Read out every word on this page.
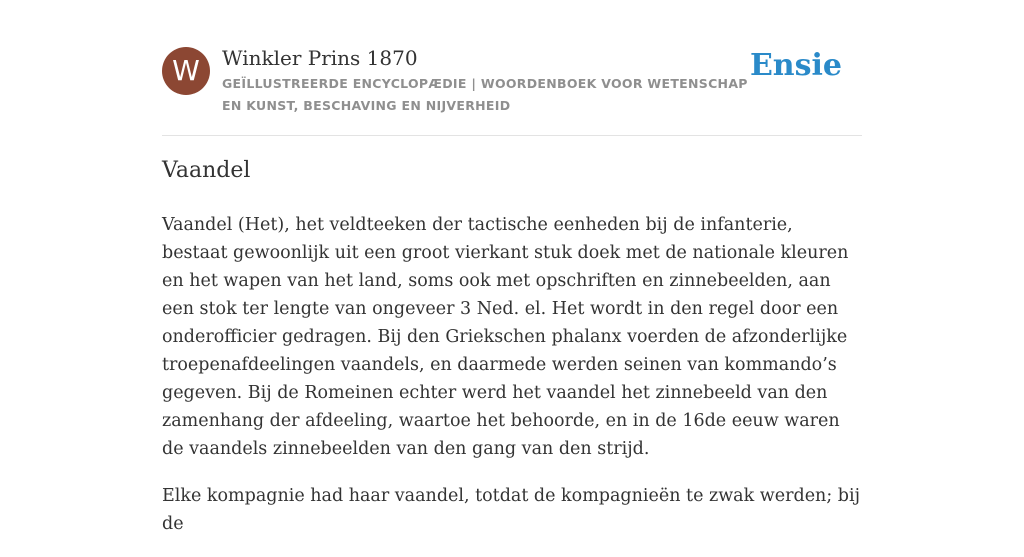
W	Winkler Prins 1870
GEÏLLUSTREERDE ENCYCLOPÆDIE | WOORDENBOEK VOOR WETENSCHAP EN KUNST, BESCHAVING EN NIJVERHEID
Ensie
Vaandel

Vaandel (Het), het veldteeken der tactische eenheden bij de infanterie, bestaat gewoonlijk uit een groot vierkant stuk doek met de nationale kleuren en het wapen van het land, soms ook met opschriften en zinnebeelden, aan een stok ter lengte van ongeveer 3 Ned. el. Het wordt in den regel door een onderofficier gedragen. Bij den Griekschen phalanx voerden de afzonderlijke troepenafdeelingen vaandels, en daarmede werden seinen van kommando’s gegeven. Bij de Romeinen echter werd het vaandel het zinnebeeld van den zamenhang der afdeeling, waartoe het behoorde, en in de 16de eeuw waren de vaandels zinnebeelden van den gang van den strijd.

Elke kompagnie had haar vaandel, totdat de kompagnieën te zwak werden; bij de
